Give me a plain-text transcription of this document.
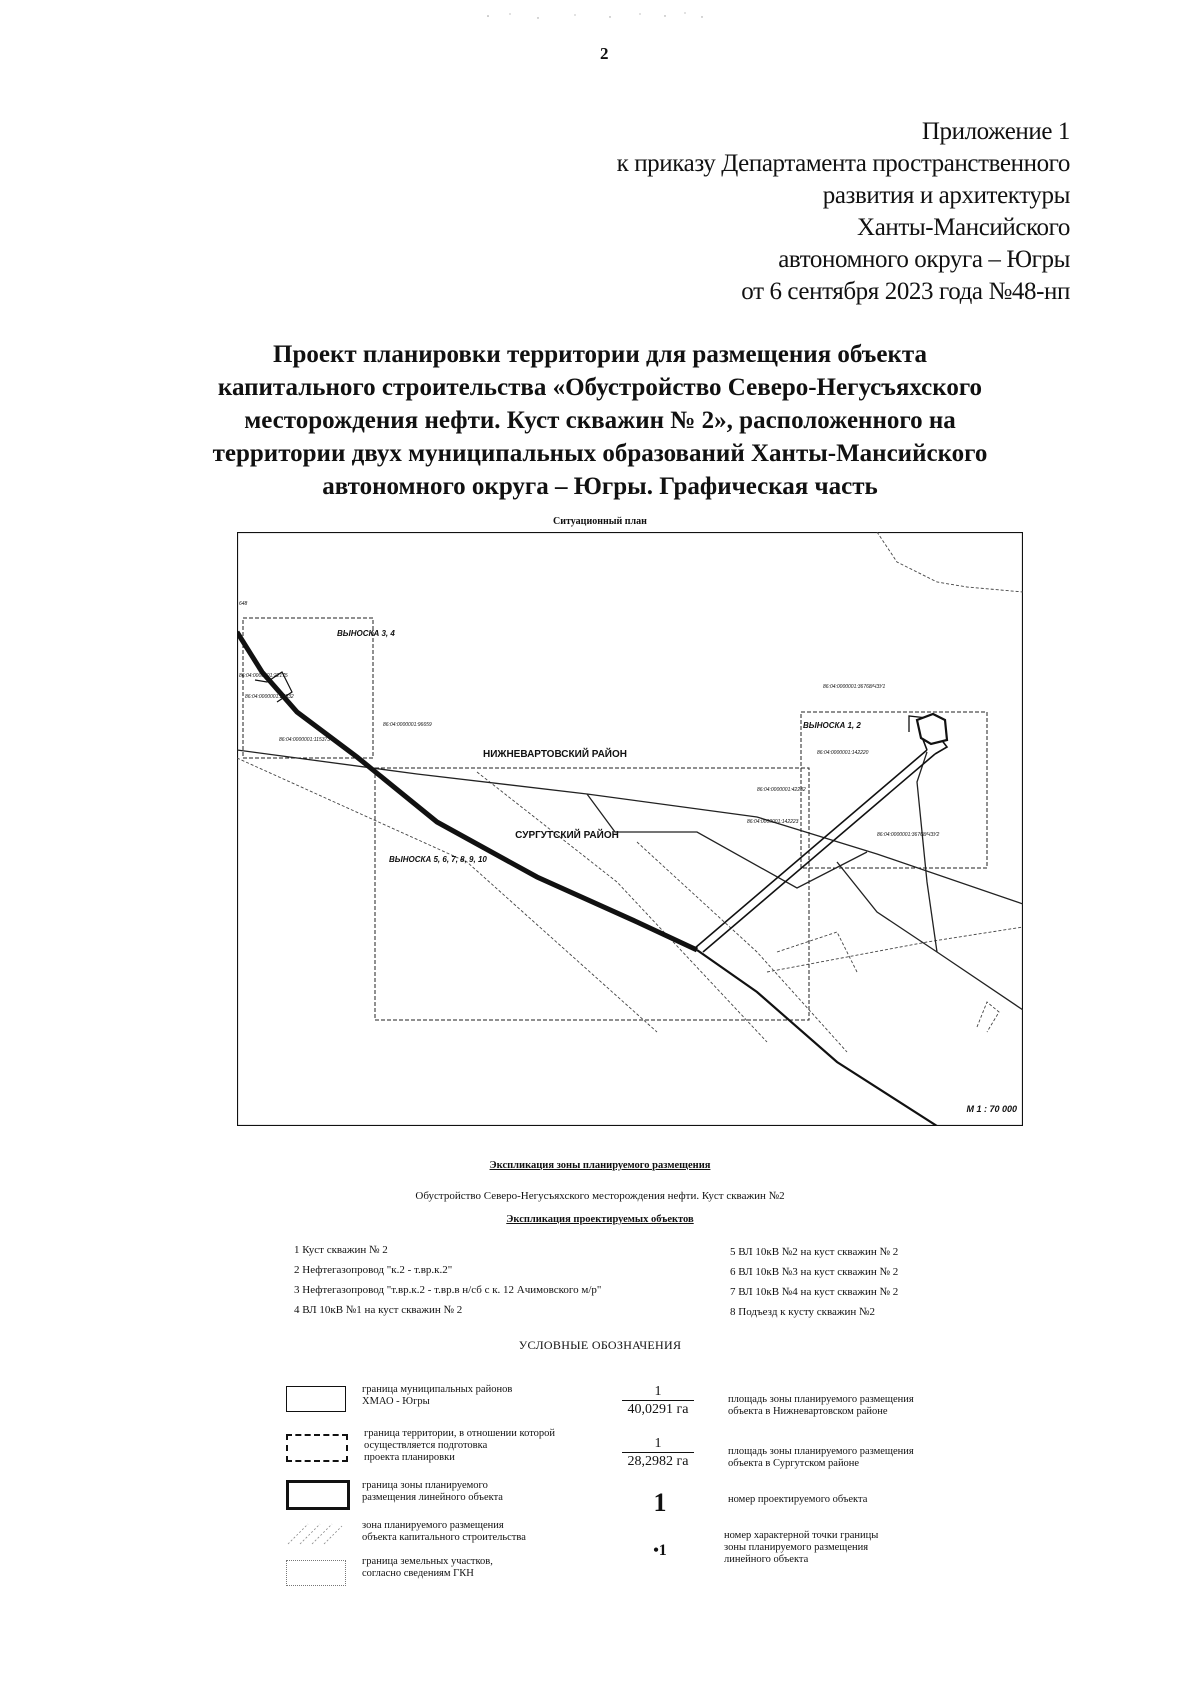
2
Приложение 1
к приказу Департамента пространственного
развития и архитектуры
Ханты-Мансийского
автономного округа – Югры
от 6 сентября 2023 года №48-нп
Проект планировки территории для размещения объекта
капитального строительства «Обустройство Северо-Негусъяхского
месторождения нефти. Куст скважин № 2», расположенного на
территории двух муниципальных образований Ханты-Мансийского
автономного округа – Югры. Графическая часть
Ситуационный план
НИЖНЕВАРТОВСКИЙ РАЙОН
СУРГУТСКИЙ РАЙОН
ВЫНОСКА 3, 4
ВЫНОСКА 1, 2
ВЫНОСКА 5, 6, 7, 8, 9, 10
648
86:04:0000001:22175
86:04:0000001:27832
86:04:0000001:115373
86:04:0000001:96659
86:04:0000001:36768/ЧЗУ1
86:04:0000001:142220
86:04:0000001:42232
86:04:0000001:142223
86:04:0000001:36768/ЧЗУ2
М 1 : 70 000
Экспликация зоны планируемого размещения
Обустройство Северо-Негусъяхского месторождения нефти. Куст скважин №2
Экспликация проектируемых объектов
1 Куст скважин № 2
2 Нефтегазопровод "к.2 - т.вр.к.2"
3 Нефтегазопровод "т.вр.к.2 - т.вр.в н/сб с к. 12 Ачимовского м/р"
4 ВЛ 10кВ №1 на куст скважин № 2
5 ВЛ 10кВ №2 на куст скважин № 2
6 ВЛ 10кВ №3 на куст скважин № 2
7 ВЛ 10кВ №4 на куст скважин № 2
8 Подъезд к кусту скважин №2
УСЛОВНЫЕ ОБОЗНАЧЕНИЯ
граница муниципальных районов
ХМАО - Югры
граница территории, в отношении которой
осуществляется подготовка
проекта планировки
граница зоны планируемого
размещения линейного объекта
зона планируемого размещения
объекта капитального строительства
граница земельных участков,
согласно сведениям ГКН
1
40,0291 га
площадь зоны планируемого размещения
объекта в Нижневартовском районе
1
28,2982 га
площадь зоны планируемого размещения
объекта в Сургутском районе
1	номер проектируемого объекта
•1
номер характерной точки границы
зоны планируемого размещения
линейного объекта
